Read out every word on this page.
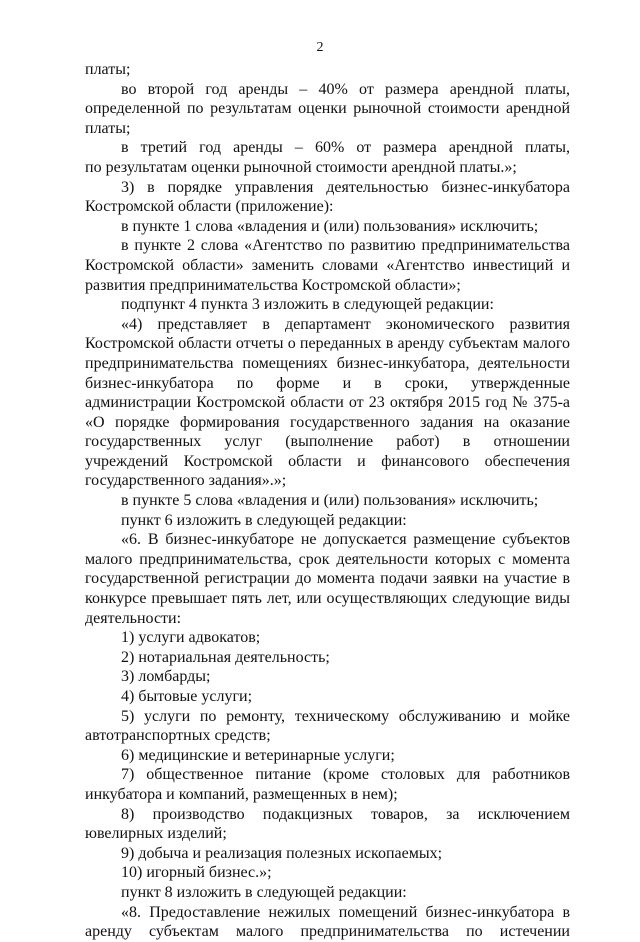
2
платы;
во второй год аренды – 40% от размера арендной платы,
определенной по результатам оценки рыночной стоимости арендной
платы;
в третий год аренды – 60% от размера арендной платы,
по результатам оценки рыночной стоимости арендной платы.»;
3) в порядке управления деятельностью бизнес-инкубатора
Костромской области (приложение):
в пункте 1 слова «владения и (или) пользования» исключить;
в пункте 2 слова «Агентство по развитию предпринимательства
Костромской области» заменить словами «Агентство инвестиций и
развития предпринимательства Костромской области»;
подпункт 4 пункта 3 изложить в следующей редакции:
«4) представляет в департамент экономического развития
Костромской области отчеты о переданных в аренду субъектам малого
предпринимательства помещениях бизнес-инкубатора, деятельности
бизнес-инкубатора по форме и в сроки, утвержденные
администрации Костромской области от 23 октября 2015 год № 375-а
«О порядке формирования государственного задания на оказание
государственных услуг (выполнение работ) в отношении
учреждений Костромской области и финансового обеспечения
государственного задания».»;
в пункте 5 слова «владения и (или) пользования» исключить;
пункт 6 изложить в следующей редакции:
«6. В бизнес-инкубаторе не допускается размещение субъектов
малого предпринимательства, срок деятельности которых с момента
государственной регистрации до момента подачи заявки на участие в
конкурсе превышает пять лет, или осуществляющих следующие виды
деятельности:
1) услуги адвокатов;
2) нотариальная деятельность;
3) ломбарды;
4) бытовые услуги;
5) услуги по ремонту, техническому обслуживанию и мойке
автотранспортных средств;
6) медицинские и ветеринарные услуги;
7) общественное питание (кроме столовых для работников
инкубатора и компаний, размещенных в нем);
8) производство подакцизных товаров, за исключением
ювелирных изделий;
9) добыча и реализация полезных ископаемых;
10) игорный бизнес.»;
пункт 8 изложить в следующей редакции:
«8. Предоставление нежилых помещений бизнес-инкубатора в
аренду субъектам малого предпринимательства по истечении
